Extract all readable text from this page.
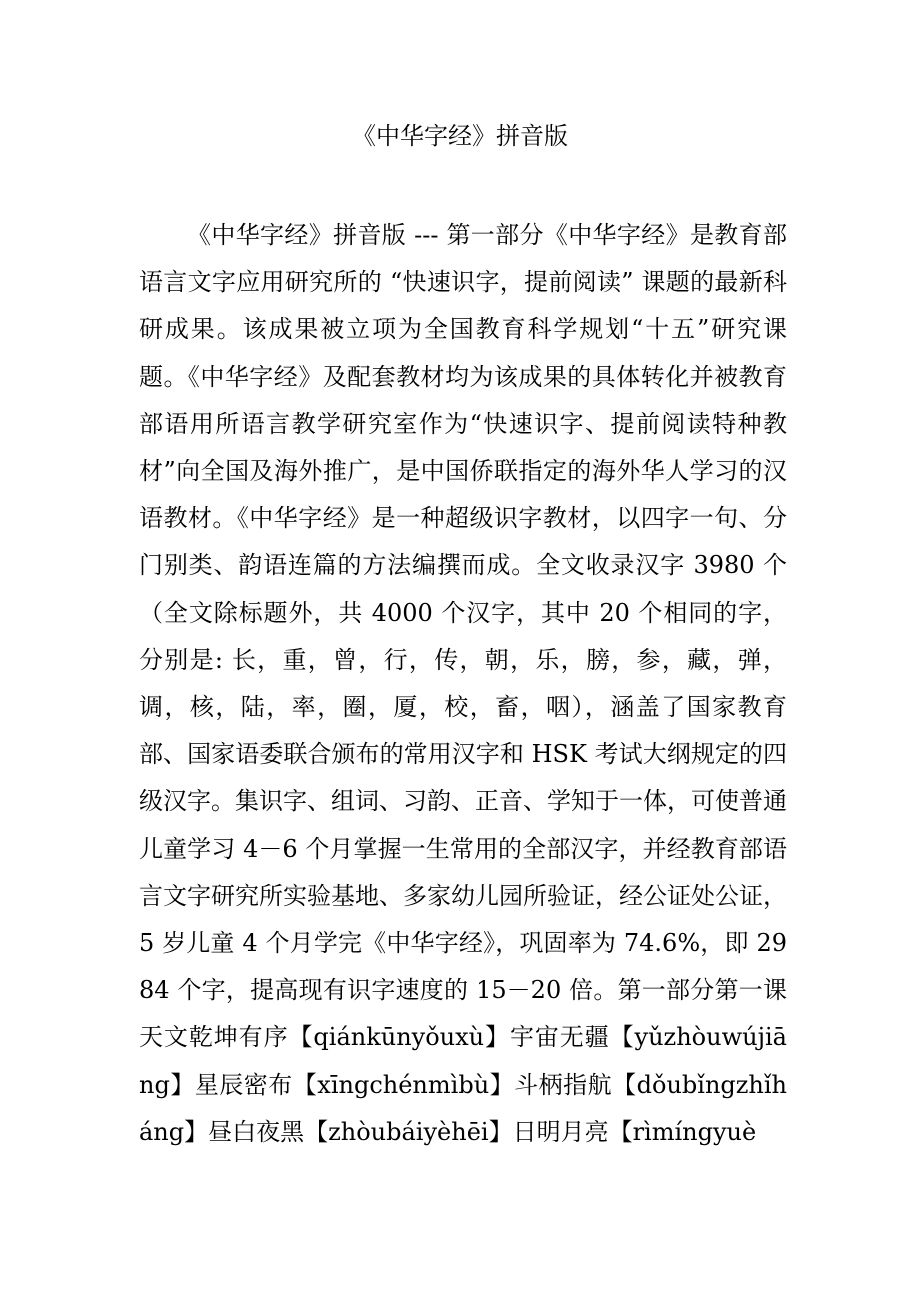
《中华字经》拼音版

《中华字经》拼音版 --- 第一部分《中华字经》是教育部语言文字应用研究所的 “快速识字，提前阅读” 课题的最新科研成果。该成果被立项为全国教育科学规划“十五”研究课题。《中华字经》及配套教材均为该成果的具体转化并被教育部语用所语言教学研究室作为“快速识字、提前阅读特种教材”向全国及海外推广，是中国侨联指定的海外华人学习的汉语教材。《中华字经》是一种超级识字教材，以四字一句、分门别类、韵语连篇的方法编撰而成。全文收录汉字 3980 个（全文除标题外，共 4000 个汉字，其中 20 个相同的字，分别是: 长，重，曾，行，传，朝，乐，膀，参，藏，弹，调，核，陆，率，圈，厦，校，畜，咽），涵盖了国家教育部、国家语委联合颁布的常用汉字和 HSK 考试大纲规定的四级汉字。集识字、组词、习韵、正音、学知于一体，可使普通儿童学习 4－6 个月掌握一生常用的全部汉字，并经教育部语言文字研究所实验基地、多家幼儿园所验证，经公证处公证，5 岁儿童 4 个月学完《中华字经》，巩固率为 74.6%，即 2984 个字，提高现有识字速度的 15－20 倍。第一部分第一课 天文乾坤有序【qiánkūnyǒuxù】宇宙无疆【yǔzhòuwújiāng】星辰密布【xīngchénmìbù】斗柄指航【dǒubǐngzhǐháng】昼白夜黑【zhòubáiyèhēi】日明月亮【rìmíngyuè
